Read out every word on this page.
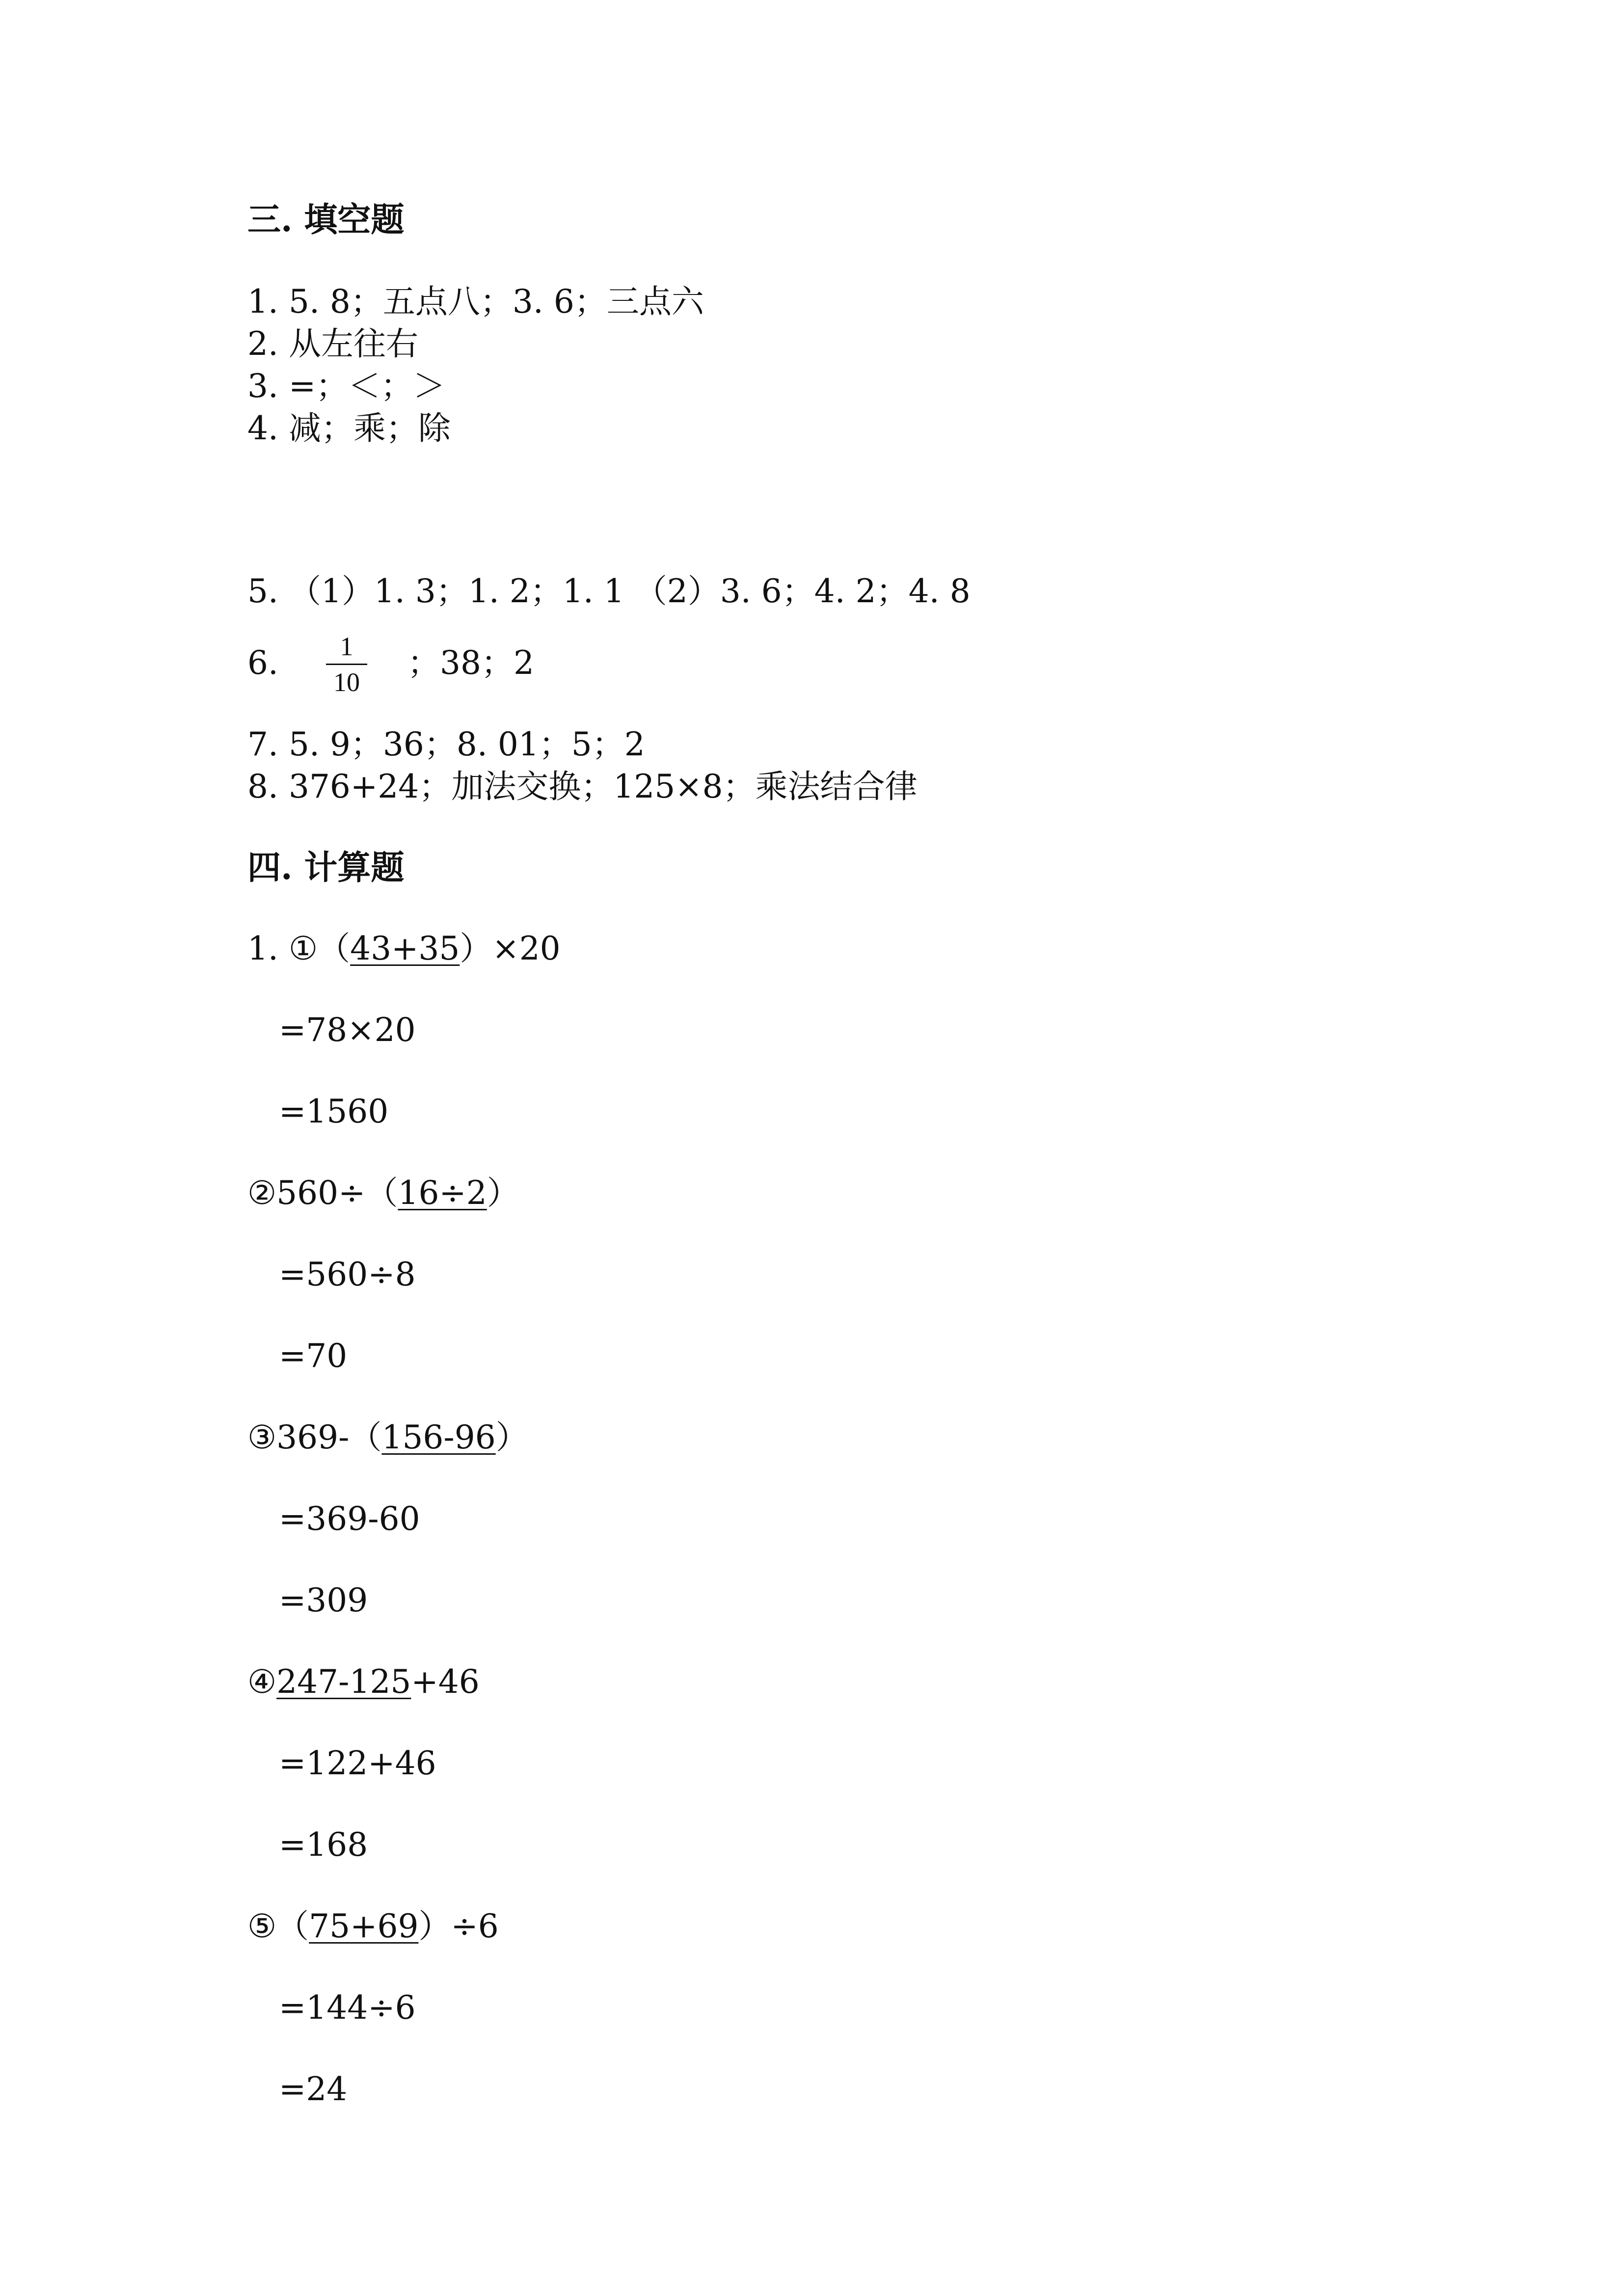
三. 填空题
1. 5. 8；五点八；3. 6；三点六
2. 从左往右
3. =；＜；＞
4. 减；乘；除
5. （1）1. 3；1. 2；1. 1 （2）3. 6；4. 2；4. 8
6.	1
10
；38；2
7. 5. 9；36；8. 01；5；2
8. 376+24；加法交换；125×8；乘法结合律
四. 计算题
1. ①（43+35）×20
=78×20
=1560
②560÷（16÷2）
=560÷8
=70
③369-（156-96）
=369-60
=309
④247-125+46
=122+46
=168
⑤（75+69）÷6
=144÷6
=24
